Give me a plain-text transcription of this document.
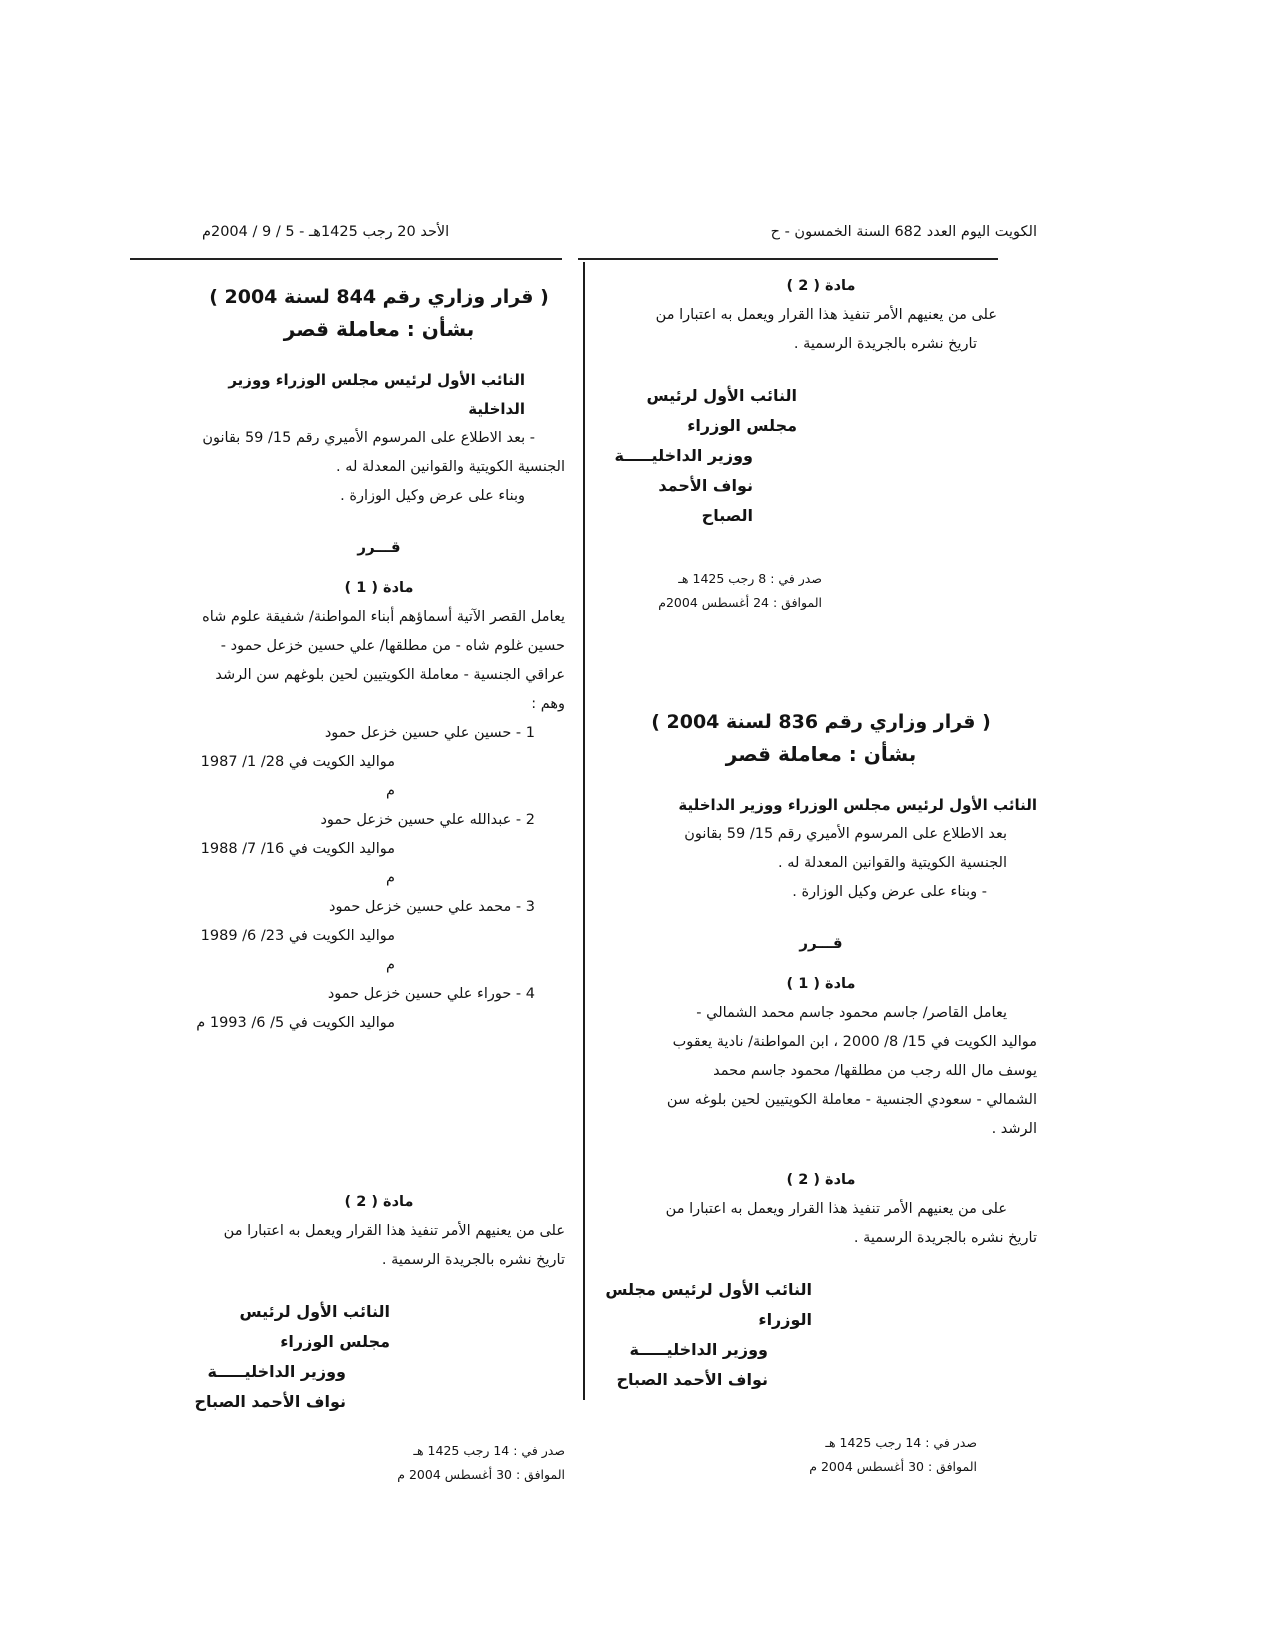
الكويت اليوم العدد 682 السنة الخمسون - ح
الأحد 20 رجب 1425هـ - 5 / 9 / 2004م

مادة ( 2 )

على من يعنيهم الأمر تنفيذ هذا القرار ويعمل به اعتبارا من

تاريخ نشره بالجريدة الرسمية .

النائب الأول لرئيس مجلس الوزراء

ووزير الداخليـــــة

نواف الأحمد الصباح

صدر في : 8 رجب 1425 هـ

الموافق : 24 أغسطس 2004م

( قرار وزاري رقم 836 لسنة 2004 )

بشأن : معاملة قصر

النائب الأول لرئيس مجلس الوزراء ووزير الداخلية

بعد الاطلاع على المرسوم الأميري رقم 15/ 59 بقانون

الجنسية الكويتية والقوانين المعدلة له .

- وبناء على عرض وكيل الوزارة .

قـــرر

مادة ( 1 )

يعامل القاصر/ جاسم محمود جاسم محمد الشمالي -

مواليد الكويت في 15/ 8/ 2000 ، ابن المواطنة/ نادية يعقوب

يوسف مال الله رجب من مطلقها/ محمود جاسم محمد

الشمالي - سعودي الجنسية - معاملة الكويتيين لحين بلوغه سن

الرشد .

مادة ( 2 )

على من يعنيهم الأمر تنفيذ هذا القرار ويعمل به اعتبارا من

تاريخ نشره بالجريدة الرسمية .

النائب الأول لرئيس مجلس الوزراء

ووزير الداخليـــــة

نواف الأحمد الصباح

صدر في : 14 رجب 1425 هـ

الموافق : 30 أغسطس 2004 م

( قرار وزاري رقم 844 لسنة 2004 )

بشأن : معاملة قصر

النائب الأول لرئيس مجلس الوزراء ووزير الداخلية

- بعد الاطلاع على المرسوم الأميري رقم 15/ 59 بقانون

الجنسية الكويتية والقوانين المعدلة له .

وبناء على عرض وكيل الوزارة .

قـــرر

مادة ( 1 )

يعامل القصر الآتية أسماؤهم أبناء المواطنة/ شفيقة علوم شاه

حسين غلوم شاه - من مطلقها/ علي حسين خزعل حمود -

عراقي الجنسية - معاملة الكويتيين لحين بلوغهم سن الرشد

وهم :

1 - حسين علي حسين خزعل حمود

مواليد الكويت في 28/ 1/ 1987 م

2 - عبدالله علي حسين خزعل حمود

مواليد الكويت في 16/ 7/ 1988 م

3 - محمد علي حسين خزعل حمود

مواليد الكويت في 23/ 6/ 1989 م

4 - حوراء علي حسين خزعل حمود

مواليد الكويت في 5/ 6/ 1993 م

مادة ( 2 )

على من يعنيهم الأمر تنفيذ هذا القرار ويعمل به اعتبارا من

تاريخ نشره بالجريدة الرسمية .

النائب الأول لرئيس مجلس الوزراء

ووزير الداخليـــــة

نواف الأحمد الصباح

صدر في : 14 رجب 1425 هـ

الموافق : 30 أغسطس 2004 م
